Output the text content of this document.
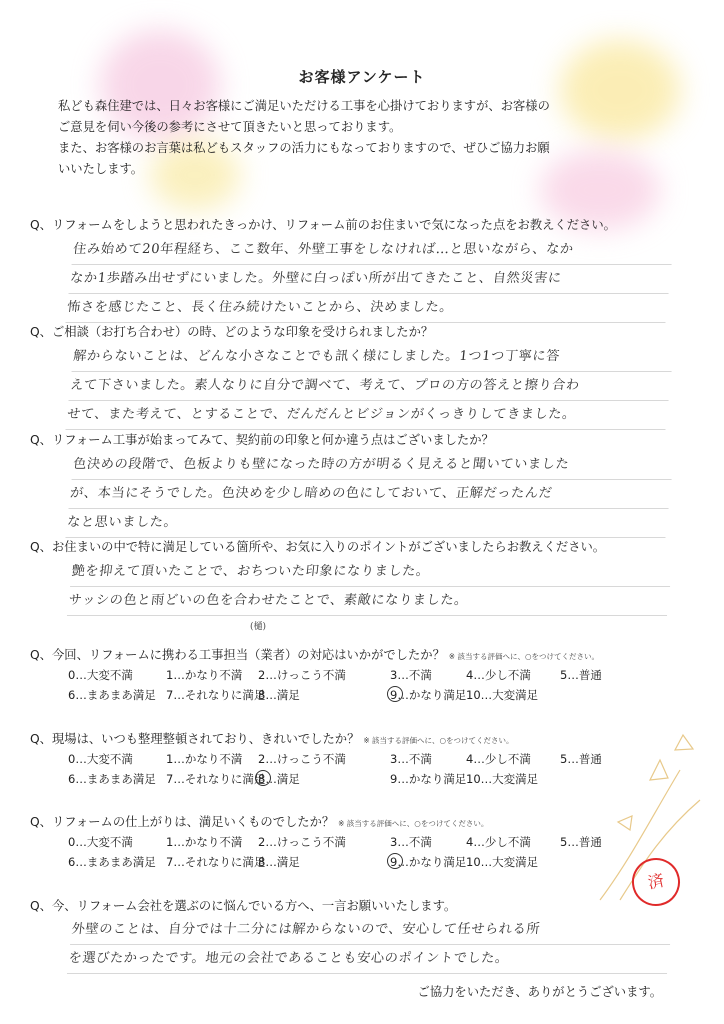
お客様アンケート
私ども森住建では、日々お客様にご満足いただける工事を心掛けておりますが、お客様の
ご意見を伺い今後の参考にさせて頂きたいと思っております。
また、お客様のお言葉は私どもスタッフの活力にもなっておりますので、ぜひご協力お願
いいたします。
Q、リフォームをしようと思われたきっかけ、リフォーム前のお住まいで気になった点をお教えください。
住み始めて20年程経ち、ここ数年、外壁工事をしなければ…と思いながら、なか
なか1歩踏み出せずにいました。外壁に白っぽい所が出てきたこと、自然災害に
怖さを感じたこと、長く住み続けたいことから、決めました。
Q、ご相談（お打ち合わせ）の時、どのような印象を受けられましたか？
解からないことは、どんな小さなことでも訊く様にしました。1つ1つ丁寧に答
えて下さいました。素人なりに自分で調べて、考えて、プロの方の答えと擦り合わ
せて、また考えて、とすることで、だんだんとビジョンがくっきりしてきました。
Q、リフォーム工事が始まってみて、契約前の印象と何か違う点はございましたか？
色決めの段階で、色板よりも壁になった時の方が明るく見えると聞いていました
が、本当にそうでした。色決めを少し暗めの色にしておいて、正解だったんだ
なと思いました。
Q、お住まいの中で特に満足している箇所や、お気に入りのポイントがございましたらお教えください。
艶を抑えて頂いたことで、おちついた印象になりました。
サッシの色と雨どいの色を合わせたことで、素敵になりました。
(樋)
Q、今回、リフォームに携わる工事担当（業者）の対応はいかがでしたか？ ※ 該当する評価へに、○をつけてください。
0…大変不満	1…かなり不満 2…けっこう不満	3…不満	4…少し不満	5…普通
6…まあまあ満足 7…それなりに満足
8…満足	9…かなり満足 10…大変満足
Q、現場は、いつも整理整頓されており、きれいでしたか？ ※ 該当する評価へに、○をつけてください。
0…大変不満	1…かなり不満 2…けっこう不満	3…不満	4…少し不満	5…普通
6…まあまあ満足 7…それなりに満足
8…満足	9…かなり満足 10…大変満足
Q、リフォームの仕上がりは、満足いくものでしたか？ ※ 該当する評価へに、○をつけてください。
0…大変不満	1…かなり不満 2…けっこう不満	3…不満	4…少し不満	5…普通
6…まあまあ満足 7…それなりに満足
8…満足	9…かなり満足 10…大変満足
Q、今、リフォーム会社を選ぶのに悩んでいる方へ、一言お願いいたします。
外壁のことは、自分では十二分には解からないので、安心して任せられる所
を選びたかったです。地元の会社であることも安心のポイントでした。
ご協力をいただき、ありがとうございます。
済
